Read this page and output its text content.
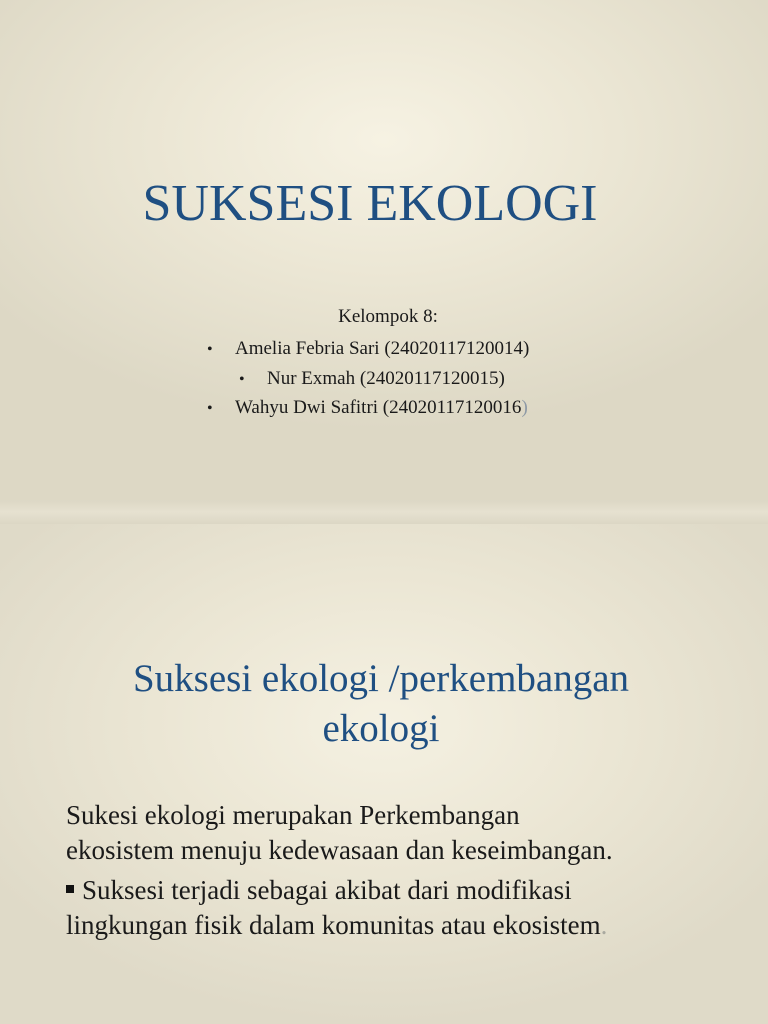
SUKSESI EKOLOGI

Kelompok 8:

• Amelia Febria Sari (24020117120014)
• Nur Exmah (24020117120015)
• Wahyu Dwi Safitri (24020117120016)
Suksesi ekologi /perkembangan
ekologi

Sukesi ekologi merupakan Perkembangan
ekosistem menuju kedewasaan dan keseimbangan.

Suksesi terjadi sebagai akibat dari modifikasi
lingkungan fisik dalam komunitas atau ekosistem.
